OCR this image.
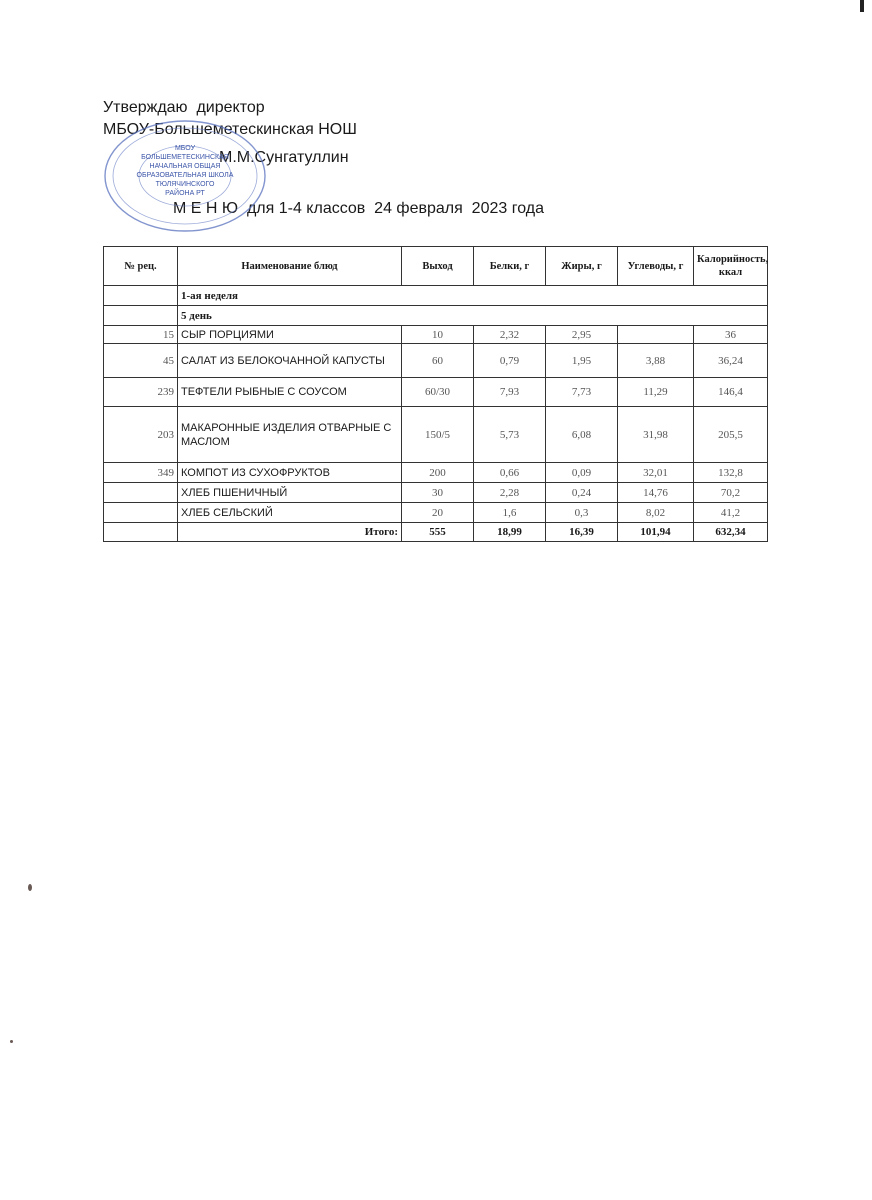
Утверждаю  директор
МБОУ-Большеметескинская НОШ
М.М.Сунгатуллин
М Е Н Ю  для 1-4 классов  24 февраля  2023 года
МБОУ
БОЛЬШЕМЕТЕСКИНСКАЯ
НАЧАЛЬНАЯ ОБЩАЯ
ОБРАЗОВАТЕЛЬНАЯ ШКОЛА
ТЮЛЯЧИНСКОГО
РАЙОНА РТ
№ рец.	Наименование блюд	Выход	Белки, г	Жиры, г	Углеводы, г	Калорийность, ккал
	1-ая неделя					
	5 день					
15	СЫР ПОРЦИЯМИ	10	2,32	2,95		36
45	САЛАТ ИЗ БЕЛОКОЧАННОЙ КАПУСТЫ	60	0,79	1,95	3,88	36,24
239	ТЕФТЕЛИ РЫБНЫЕ С СОУСОМ	60/30	7,93	7,73	11,29	146,4
203	МАКАРОННЫЕ ИЗДЕЛИЯ ОТВАРНЫЕ С МАСЛОМ	150/5	5,73	6,08	31,98	205,5
349	КОМПОТ ИЗ СУХОФРУКТОВ	200	0,66	0,09	32,01	132,8
	ХЛЕБ ПШЕНИЧНЫЙ	30	2,28	0,24	14,76	70,2
	ХЛЕБ СЕЛЬСКИЙ	20	1,6	0,3	8,02	41,2
	Итого:	555	18,99	16,39	101,94	632,34
